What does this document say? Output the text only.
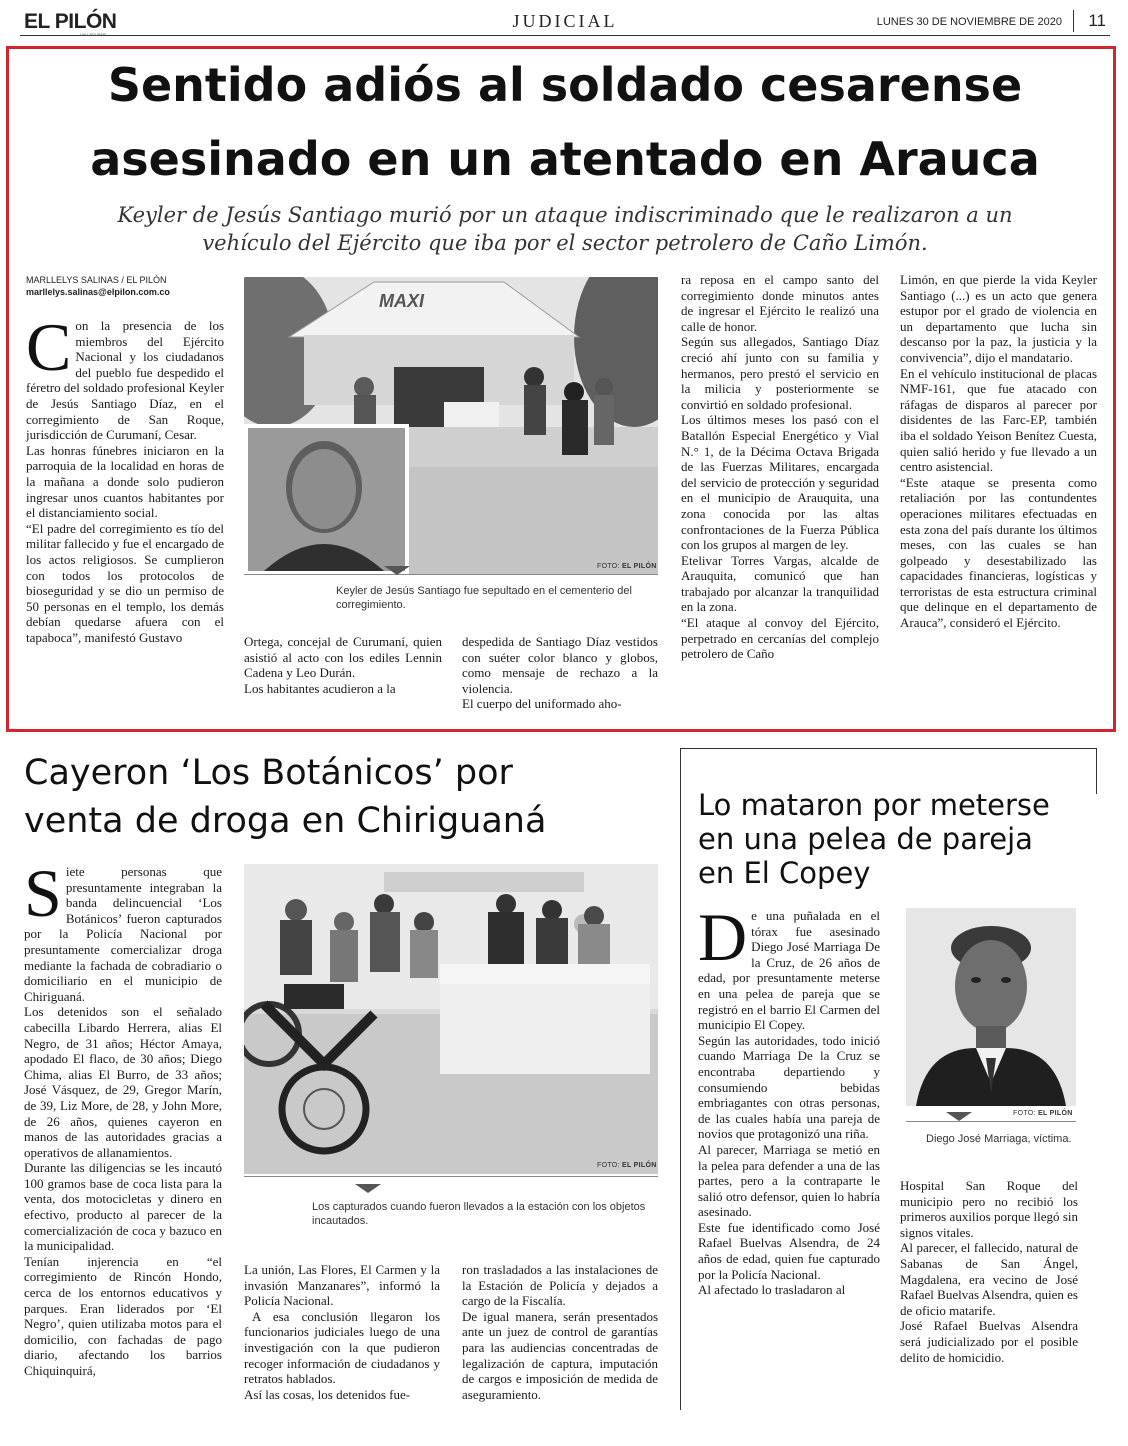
EL PILÓN
VALLEDUPAR
JUDICIAL	LUNES 30 DE NOVIEMBRE DE 2020 11
Sentido adiós al soldado cesarense
asesinado en un atentado en Arauca
Keyler de Jesús Santiago murió por un ataque indiscriminado que le realizaron a un
vehículo del Ejército que iba por el sector petrolero de Caño Limón.
MARLLELYS SALINAS / EL PILÓN
marllelys.salinas@elpilon.com.co	MAXI
FOTO: EL PILÓN
Keyler de Jesús Santiago fue sepultado en el cementerio del corregimiento.
C on la presencia de los miembros del Ejército Nacional y los ciudadanos del pueblo fue despedido el féretro del soldado profesional Keyler de Jesús Santiago Díaz, en el corregimiento de San Roque, jurisdicción de Curumaní, Cesar.

Las honras fúnebres iniciaron en la parroquia de la localidad en horas de la mañana a donde solo pudieron ingresar unos cuantos habitantes por el distanciamiento social.

“El padre del corregimiento es tío del militar fallecido y fue el encargado de los actos religiosos. Se cumplieron con todos los protocolos de bioseguridad y se dio un permiso de 50 personas en el templo, los demás debían quedarse afuera con el tapaboca”, manifestó Gustavo	Ortega, concejal de Curumaní, quien asistió al acto con los ediles Lennin Cadena y Leo Durán.

Los habitantes acudieron a la

despedida de Santiago Díaz vestidos con suéter color blanco y globos, como mensaje de rechazo a la violencia.

El cuerpo del uniformado aho-

ra reposa en el campo santo del corregimiento donde minutos antes de ingresar el Ejército le realizó una calle de honor.

Según sus allegados, Santiago Díaz creció ahí junto con su familia y hermanos, pero prestó el servicio en la milicia y posteriormente se convirtió en soldado profesional.

Los últimos meses los pasó con el Batallón Especial Energético y Vial N.° 1, de la Décima Octava Brigada de las Fuerzas Militares, encargada del servicio de protección y seguridad en el municipio de Arauquita, una zona conocida por las altas confrontaciones de la Fuerza Pública con los grupos al margen de ley.

Etelivar Torres Vargas, alcalde de Arauquita, comunicó que han trabajado por alcanzar la tranquilidad en la zona.

“El ataque al convoy del Ejército, perpetrado en cercanías del complejo petrolero de Caño

Limón, en que pierde la vida Keyler Santiago (...) es un acto que genera estupor por el grado de violencia en un departamento que lucha sin descanso por la paz, la justicia y la convivencia”, dijo el mandatario.

En el vehículo institucional de placas NMF-161, que fue atacado con ráfagas de disparos al parecer por disidentes de las Farc-EP, también iba el soldado Yeison Benítez Cuesta, quien salió herido y fue llevado a un centro asistencial.

“Este ataque se presenta como retaliación por las contundentes operaciones militares efectuadas en esta zona del país durante los últimos meses, con las cuales se han golpeado y desestabilizado las capacidades financieras, logísticas y terroristas de esta estructura criminal que delinque en el departamento de Arauca”, consideró el Ejército.

Cayeron ‘Los Botánicos’ por
venta de droga en Chiriguaná
FOTO: EL PILÓN
Los capturados cuando fueron llevados a la estación con los objetos incautados.
S iete personas que presuntamente integraban la banda delincuencial ‘Los Botánicos’ fueron capturados por la Policía Nacional por presuntamente comercializar droga mediante la fachada de cobradiario o domiciliario en el municipio de Chiriguaná.

Los detenidos son el señalado cabecilla Libardo Herrera, alias El Negro, de 31 años; Héctor Amaya, apodado El flaco, de 30 años; Diego Chima, alias El Burro, de 33 años; José Vásquez, de 29, Gregor Marín, de 39, Liz More, de 28, y John More, de 26 años, quienes cayeron en manos de las autoridades gracias a operativos de allanamientos.

Durante las diligencias se les incautó 100 gramos base de coca lista para la venta, dos motocicletas y dinero en efectivo, producto al parecer de la comercialización de coca y bazuco en la municipalidad.

Tenían injerencia en “el corregimiento de Rincón Hondo, cerca de los entornos educativos y parques. Eran liderados por ‘El Negro’, quien utilizaba motos para el domicilio, con fachadas de pago diario, afectando los barrios Chiquinquirá,

La unión, Las Flores, El Carmen y la invasión Manzanares”, informó la Policía Nacional.

A esa conclusión llegaron los funcionarios judiciales luego de una investigación con la que pudieron recoger información de ciudadanos y retratos hablados.

Así las cosas, los detenidos fue-

ron trasladados a las instalaciones de la Estación de Policía y dejados a cargo de la Fiscalía.

De igual manera, serán presentados ante un juez de control de garantías para las audiencias concentradas de legalización de captura, imputación de cargos e imposición de medida de aseguramiento.

Lo mataron por meterse
en una pelea de pareja
en El Copey
FOTO: EL PILÓN
Diego José Marriaga, víctima.
D e una puñalada en el tórax fue asesinado Diego José Marriaga De la Cruz, de 26 años de edad, por presuntamente meterse en una pelea de pareja que se registró en el barrio El Carmen del municipio El Copey.

Según las autoridades, todo inició cuando Marriaga De la Cruz se encontraba departiendo y consumiendo bebidas embriagantes con otras personas, de las cuales había una pareja de novios que protagonizó una riña.

Al parecer, Marriaga se metió en la pelea para defender a una de las partes, pero a la contraparte le salió otro defensor, quien lo habría asesinado.

Este fue identificado como José Rafael Buelvas Alsendra, de 24 años de edad, quien fue capturado por la Policía Nacional.

Al afectado lo trasladaron al

Hospital San Roque del municipio pero no recibió los primeros auxilios porque llegó sin signos vitales.

Al parecer, el fallecido, natural de Sabanas de San Ángel, Magdalena, era vecino de José Rafael Buelvas Alsendra, quien es de oficio matarife.

José Rafael Buelvas Alsendra será judicializado por el posible delito de homicidio.
